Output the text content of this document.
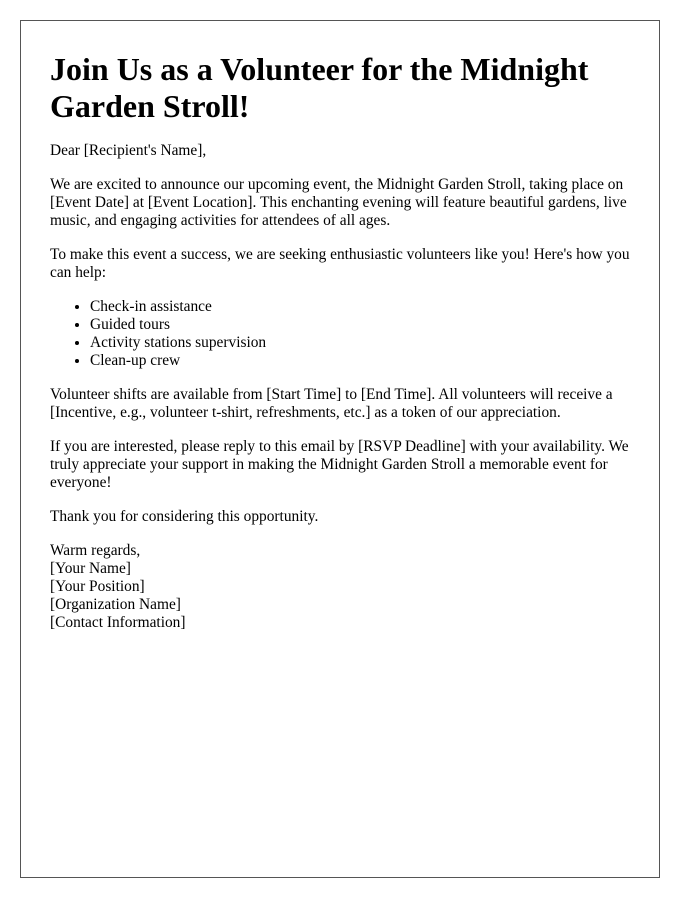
Join Us as a Volunteer for the Midnight Garden Stroll!

Dear [Recipient's Name],

We are excited to announce our upcoming event, the Midnight Garden Stroll, taking place on [Event Date] at [Event Location]. This enchanting evening will feature beautiful gardens, live music, and engaging activities for attendees of all ages.

To make this event a success, we are seeking enthusiastic volunteers like you! Here's how you can help:

• Check-in assistance
• Guided tours
• Activity stations supervision
• Clean-up crew

Volunteer shifts are available from [Start Time] to [End Time]. All volunteers will receive a [Incentive, e.g., volunteer t-shirt, refreshments, etc.] as a token of our appreciation.

If you are interested, please reply to this email by [RSVP Deadline] with your availability. We truly appreciate your support in making the Midnight Garden Stroll a memorable event for everyone!

Thank you for considering this opportunity.

Warm regards,
[Your Name]
[Your Position]
[Organization Name]
[Contact Information]
